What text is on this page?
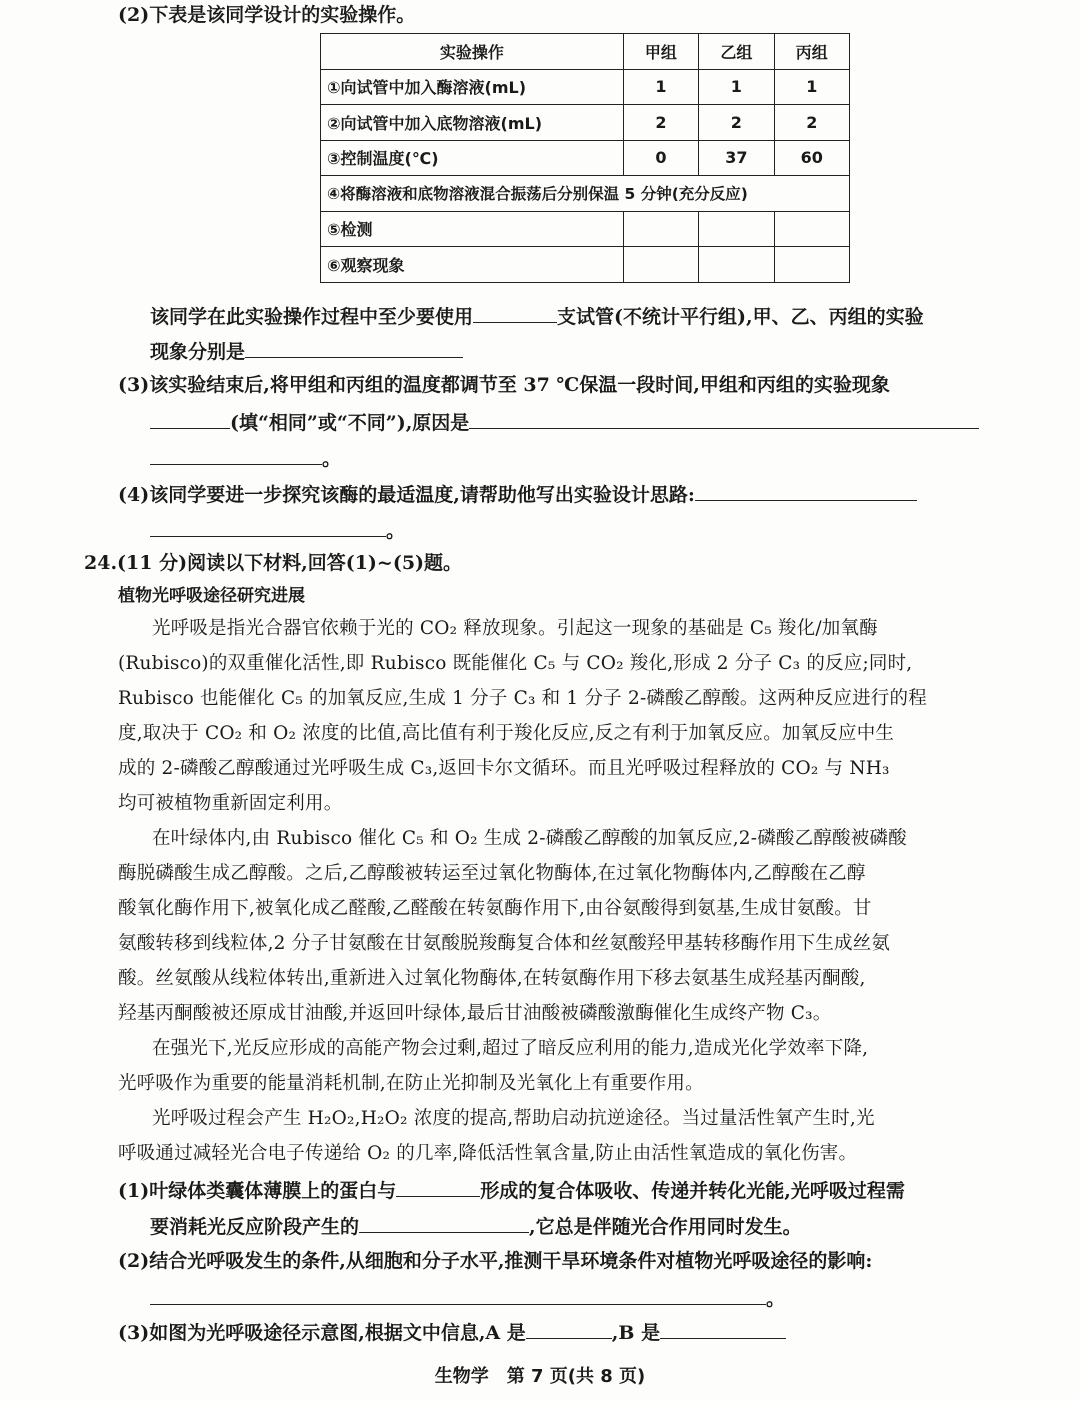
(2)下表是该同学设计的实验操作。
实验操作	甲组	乙组	丙组
①向试管中加入酶溶液(mL)	1	1	1
②向试管中加入底物溶液(mL)	2	2	2
③控制温度(℃)	0	37	60
④将酶溶液和底物溶液混合振荡后分别保温 5 分钟(充分反应)			
⑤检测			
⑥观察现象			
该同学在此实验操作过程中至少要使用	支试管(不统计平行组),甲、乙、丙组的实验
现象分别是
(3)该实验结束后,将甲组和丙组的温度都调节至 37 ℃保温一段时间,甲组和丙组的实验现象
(填“相同”或“不同”),原因是
。
(4)该同学要进一步探究该酶的最适温度,请帮助他写出实验设计思路:
。
24.(11 分)阅读以下材料,回答(1)~(5)题。
植物光呼吸途径研究进展
光呼吸是指光合器官依赖于光的 CO₂ 释放现象。引起这一现象的基础是 C₅ 羧化/加氧酶
(Rubisco)的双重催化活性,即 Rubisco 既能催化 C₅ 与 CO₂ 羧化,形成 2 分子 C₃ 的反应;同时,
Rubisco 也能催化 C₅ 的加氧反应,生成 1 分子 C₃ 和 1 分子 2-磷酸乙醇酸。这两种反应进行的程
度,取决于 CO₂ 和 O₂ 浓度的比值,高比值有利于羧化反应,反之有利于加氧反应。加氧反应中生
成的 2-磷酸乙醇酸通过光呼吸生成 C₃,返回卡尔文循环。而且光呼吸过程释放的 CO₂ 与 NH₃
均可被植物重新固定利用。
在叶绿体内,由 Rubisco 催化 C₅ 和 O₂ 生成 2-磷酸乙醇酸的加氧反应,2-磷酸乙醇酸被磷酸
酶脱磷酸生成乙醇酸。之后,乙醇酸被转运至过氧化物酶体,在过氧化物酶体内,乙醇酸在乙醇
酸氧化酶作用下,被氧化成乙醛酸,乙醛酸在转氨酶作用下,由谷氨酸得到氨基,生成甘氨酸。甘
氨酸转移到线粒体,2 分子甘氨酸在甘氨酸脱羧酶复合体和丝氨酸羟甲基转移酶作用下生成丝氨
酸。丝氨酸从线粒体转出,重新进入过氧化物酶体,在转氨酶作用下移去氨基生成羟基丙酮酸,
羟基丙酮酸被还原成甘油酸,并返回叶绿体,最后甘油酸被磷酸激酶催化生成终产物 C₃。
在强光下,光反应形成的高能产物会过剩,超过了暗反应利用的能力,造成光化学效率下降,
光呼吸作为重要的能量消耗机制,在防止光抑制及光氧化上有重要作用。
光呼吸过程会产生 H₂O₂,H₂O₂ 浓度的提高,帮助启动抗逆途径。当过量活性氧产生时,光
呼吸通过减轻光合电子传递给 O₂ 的几率,降低活性氧含量,防止由活性氧造成的氧化伤害。
(1)叶绿体类囊体薄膜上的蛋白与	形成的复合体吸收、传递并转化光能,光呼吸过程需
要消耗光反应阶段产生的	,它总是伴随光合作用同时发生。
(2)结合光呼吸发生的条件,从细胞和分子水平,推测干旱环境条件对植物光呼吸途径的影响:
。
(3)如图为光呼吸途径示意图,根据文中信息,A 是	,B 是
生物学　第 7 页(共 8 页)
